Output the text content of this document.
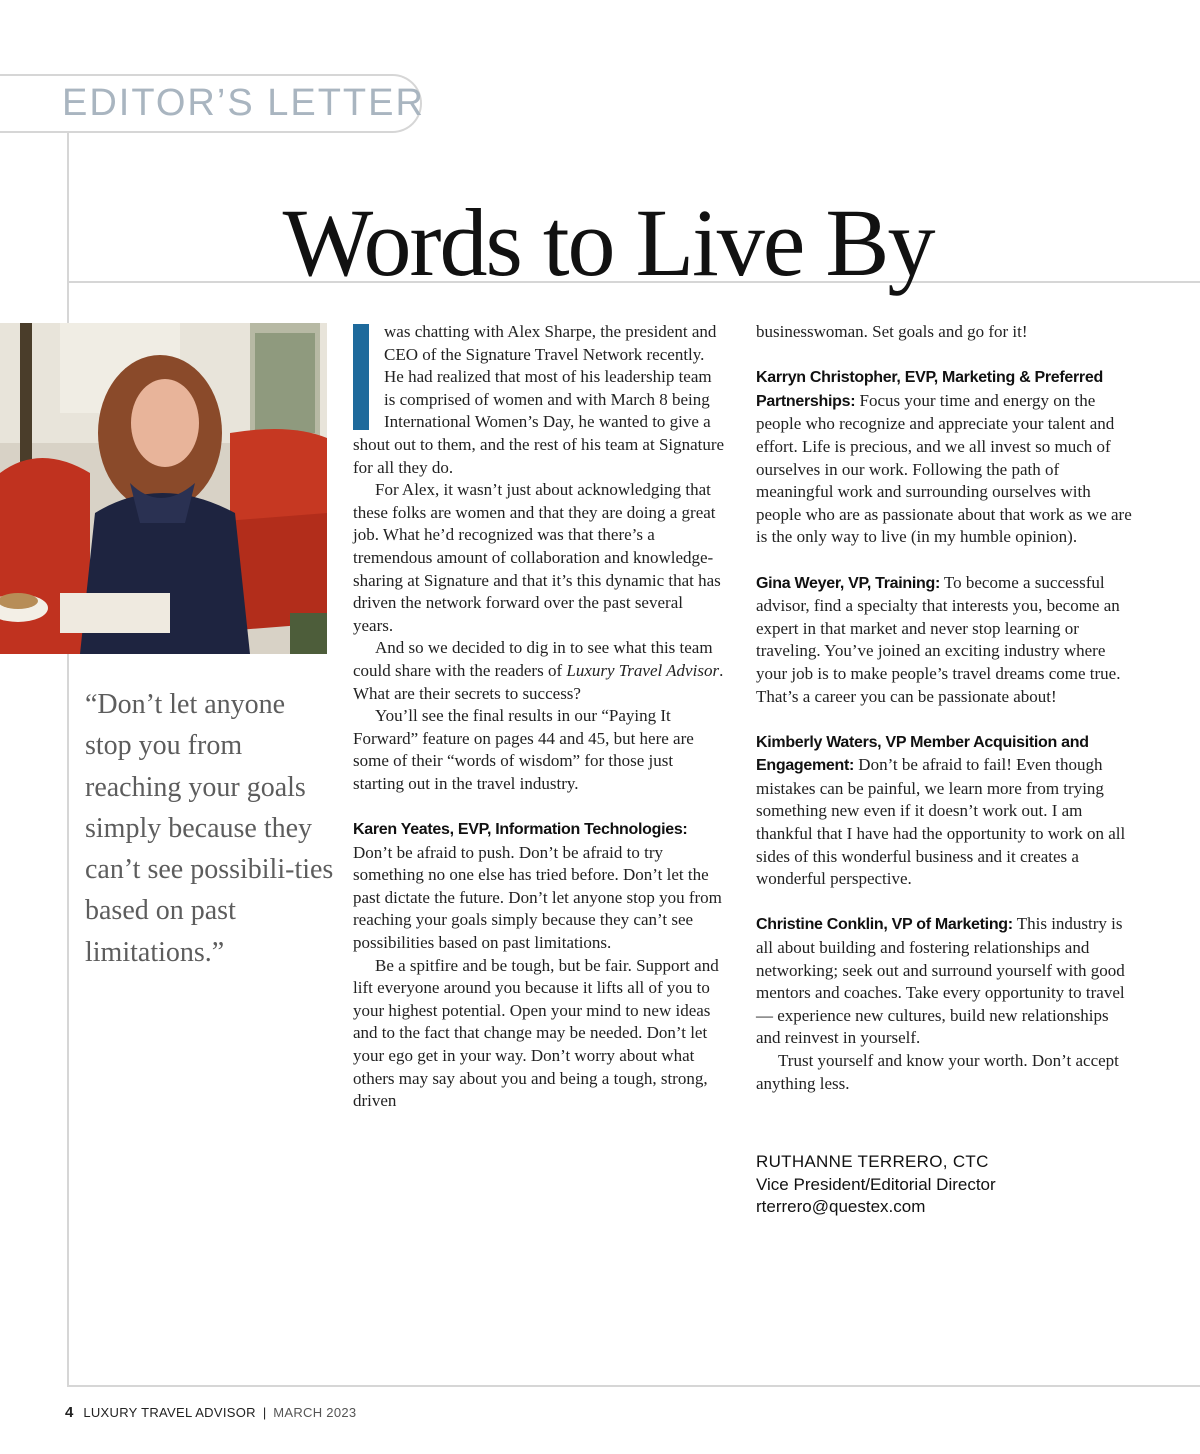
EDITOR’S LETTER
Words to Live By
“Don’t let anyone stop you from reaching your goals simply because they can’t see possibili-ties based on past limitations.”

was chatting with Alex Sharpe, the president and CEO of the Signature Travel Network recently. He had realized that most of his leadership team is comprised of women and with March 8 being International Women’s Day, he wanted to give a shout out to them, and the rest of his team at Signature for all they do.

For Alex, it wasn’t just about acknowledging that these folks are women and that they are doing a great job. What he’d recognized was that there’s a tremendous amount of collaboration and knowledge-sharing at Signature and that it’s this dynamic that has driven the network forward over the past several years.

And so we decided to dig in to see what this team could share with the readers of Luxury Travel Advisor. What are their secrets to success?

You’ll see the final results in our “Paying It Forward” feature on pages 44 and 45, but here are some of their “words of wisdom” for those just starting out in the travel industry.

Karen Yeates, EVP, Information Technologies: Don’t be afraid to push. Don’t be afraid to try something no one else has tried before. Don’t let the past dictate the future. Don’t let anyone stop you from reaching your goals simply because they can’t see possibilities based on past limitations.

Be a spitfire and be tough, but be fair. Support and lift everyone around you because it lifts all of you to your highest potential. Open your mind to new ideas and to the fact that change may be needed. Don’t let your ego get in your way. Don’t worry about what others may say about you and being a tough, strong, driven

businesswoman. Set goals and go for it!

Karryn Christopher, EVP, Marketing & Preferred Partnerships: Focus your time and energy on the people who recognize and appreciate your talent and effort. Life is precious, and we all invest so much of ourselves in our work. Following the path of meaningful work and surrounding ourselves with people who are as passionate about that work as we are is the only way to live (in my humble opinion).

Gina Weyer, VP, Training: To become a successful advisor, find a specialty that interests you, become an expert in that market and never stop learning or traveling. You’ve joined an exciting industry where your job is to make people’s travel dreams come true. That’s a career you can be passionate about!

Kimberly Waters, VP Member Acquisition and Engagement: Don’t be afraid to fail! Even though mistakes can be painful, we learn more from trying something new even if it doesn’t work out. I am thankful that I have had the opportunity to work on all sides of this wonderful business and it creates a wonderful perspective.

Christine Conklin, VP of Marketing: This industry is all about building and fostering relationships and networking; seek out and surround yourself with good mentors and coaches. Take every opportunity to travel — experience new cultures, build new relationships and reinvest in yourself.

Trust yourself and know your worth. Don’t accept anything less.

RUTHANNE TERRERO, CTC
Vice President/Editorial Director
rterrero@questex.com
4 LUXURY TRAVEL ADVISOR | MARCH 2023
